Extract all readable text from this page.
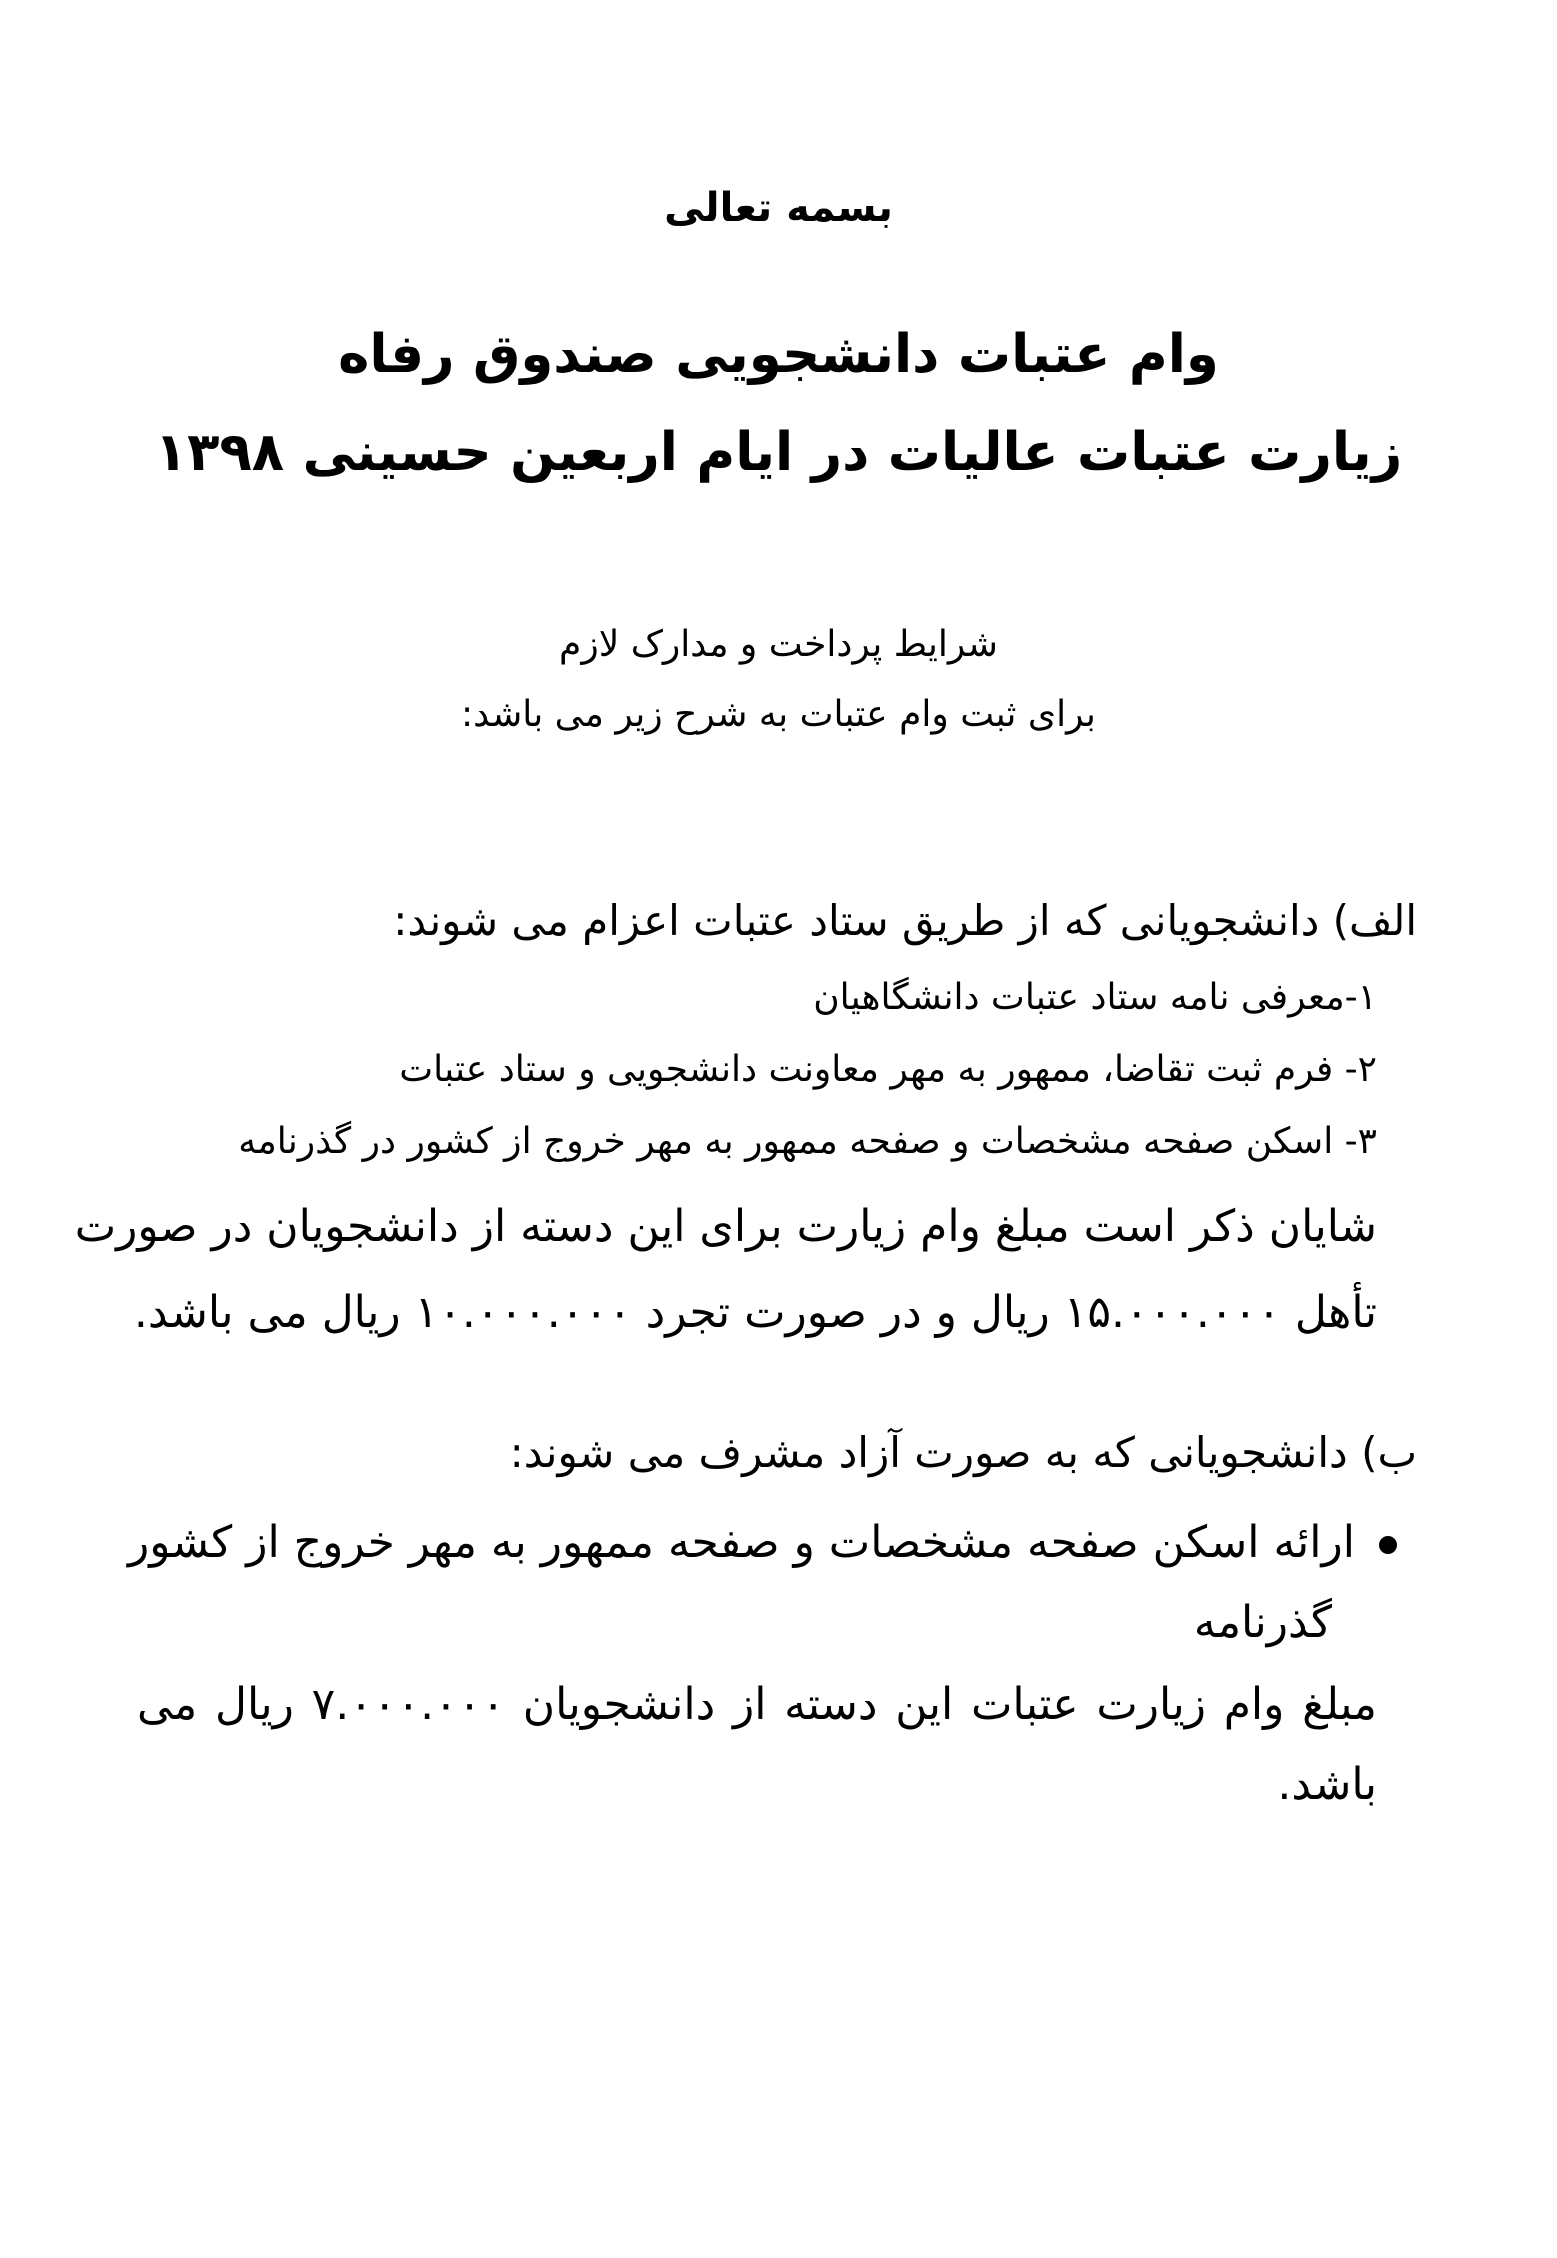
بسمه تعالی
وام عتبات دانشجویی صندوق رفاه
زیارت عتبات عالیات در ایام اربعین حسینی ۱۳۹۸
شرایط پرداخت و مدارک لازم
برای ثبت وام عتبات به شرح زیر می باشد:
الف) دانشجویانی که از طریق ستاد عتبات اعزام می شوند:
۱-معرفی نامه ستاد عتبات دانشگاهیان
۲- فرم ثبت تقاضا، ممهور به مهر معاونت دانشجویی و ستاد عتبات
۳- اسکن صفحه مشخصات و صفحه ممهور به مهر خروج از کشور در گذرنامه
شایان ذکر است مبلغ وام زیارت برای این دسته از دانشجویان در صورت
تأهل ۱۵.۰۰۰.۰۰۰ ریال و در صورت تجرد ۱۰.۰۰۰.۰۰۰ ریال می باشد.
ب) دانشجویانی که به صورت آزاد مشرف می شوند:
ارائه اسکن صفحه مشخصات و صفحه ممهور به مهر خروج از کشور
گذرنامه
مبلغ وام زیارت عتبات این دسته از دانشجویان ۷.۰۰۰.۰۰۰ ریال می
باشد.
